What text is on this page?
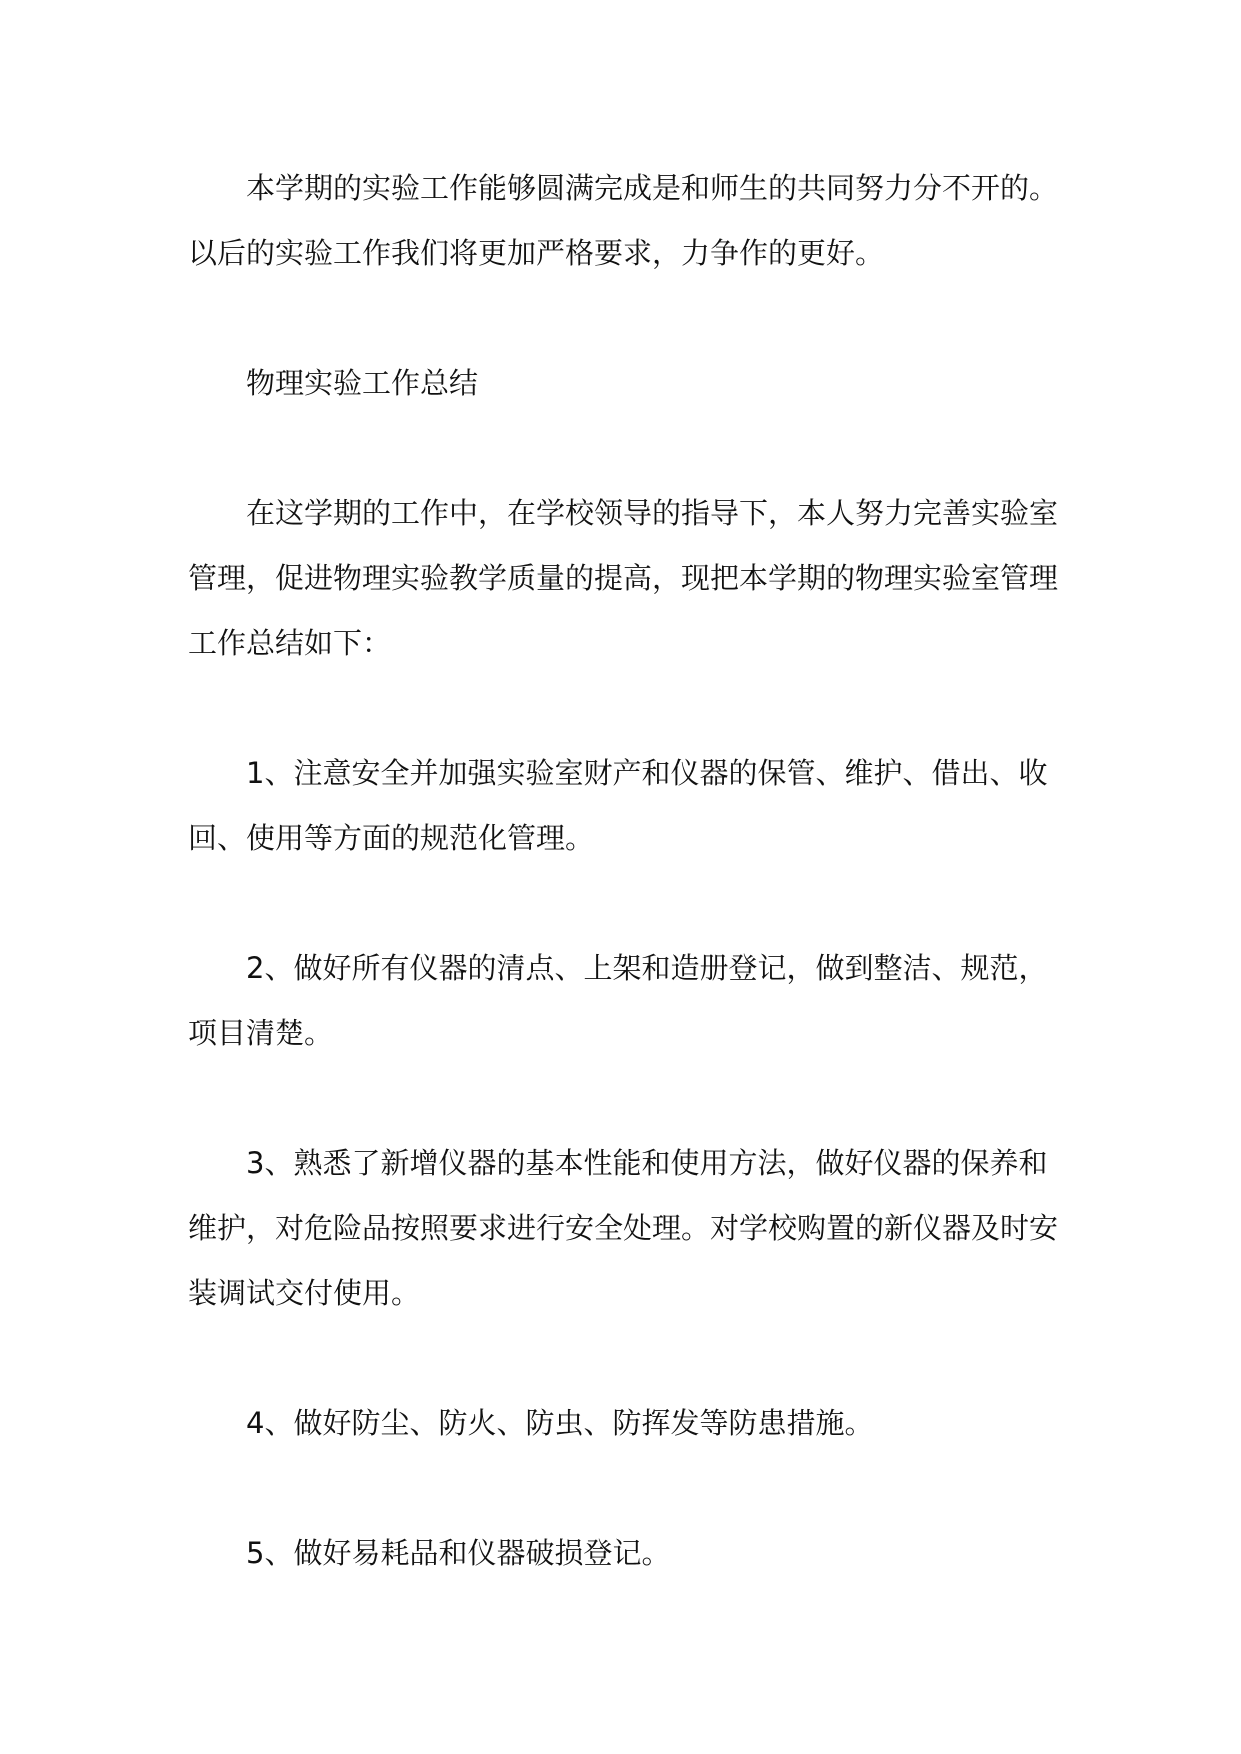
本学期的实验工作能够圆满完成是和师生的共同努力分不开的。以后的实验工作我们将更加严格要求，力争作的更好。

物理实验工作总结

在这学期的工作中，在学校领导的指导下，本人努力完善实验室管理，促进物理实验教学质量的提高，现把本学期的物理实验室管理工作总结如下：

1、注意安全并加强实验室财产和仪器的保管、维护、借出、收回、使用等方面的规范化管理。

2、做好所有仪器的清点、上架和造册登记，做到整洁、规范，项目清楚。

3、熟悉了新增仪器的基本性能和使用方法，做好仪器的保养和维护，对危险品按照要求进行安全处理。对学校购置的新仪器及时安装调试交付使用。

4、做好防尘、防火、防虫、防挥发等防患措施。

5、做好易耗品和仪器破损登记。
